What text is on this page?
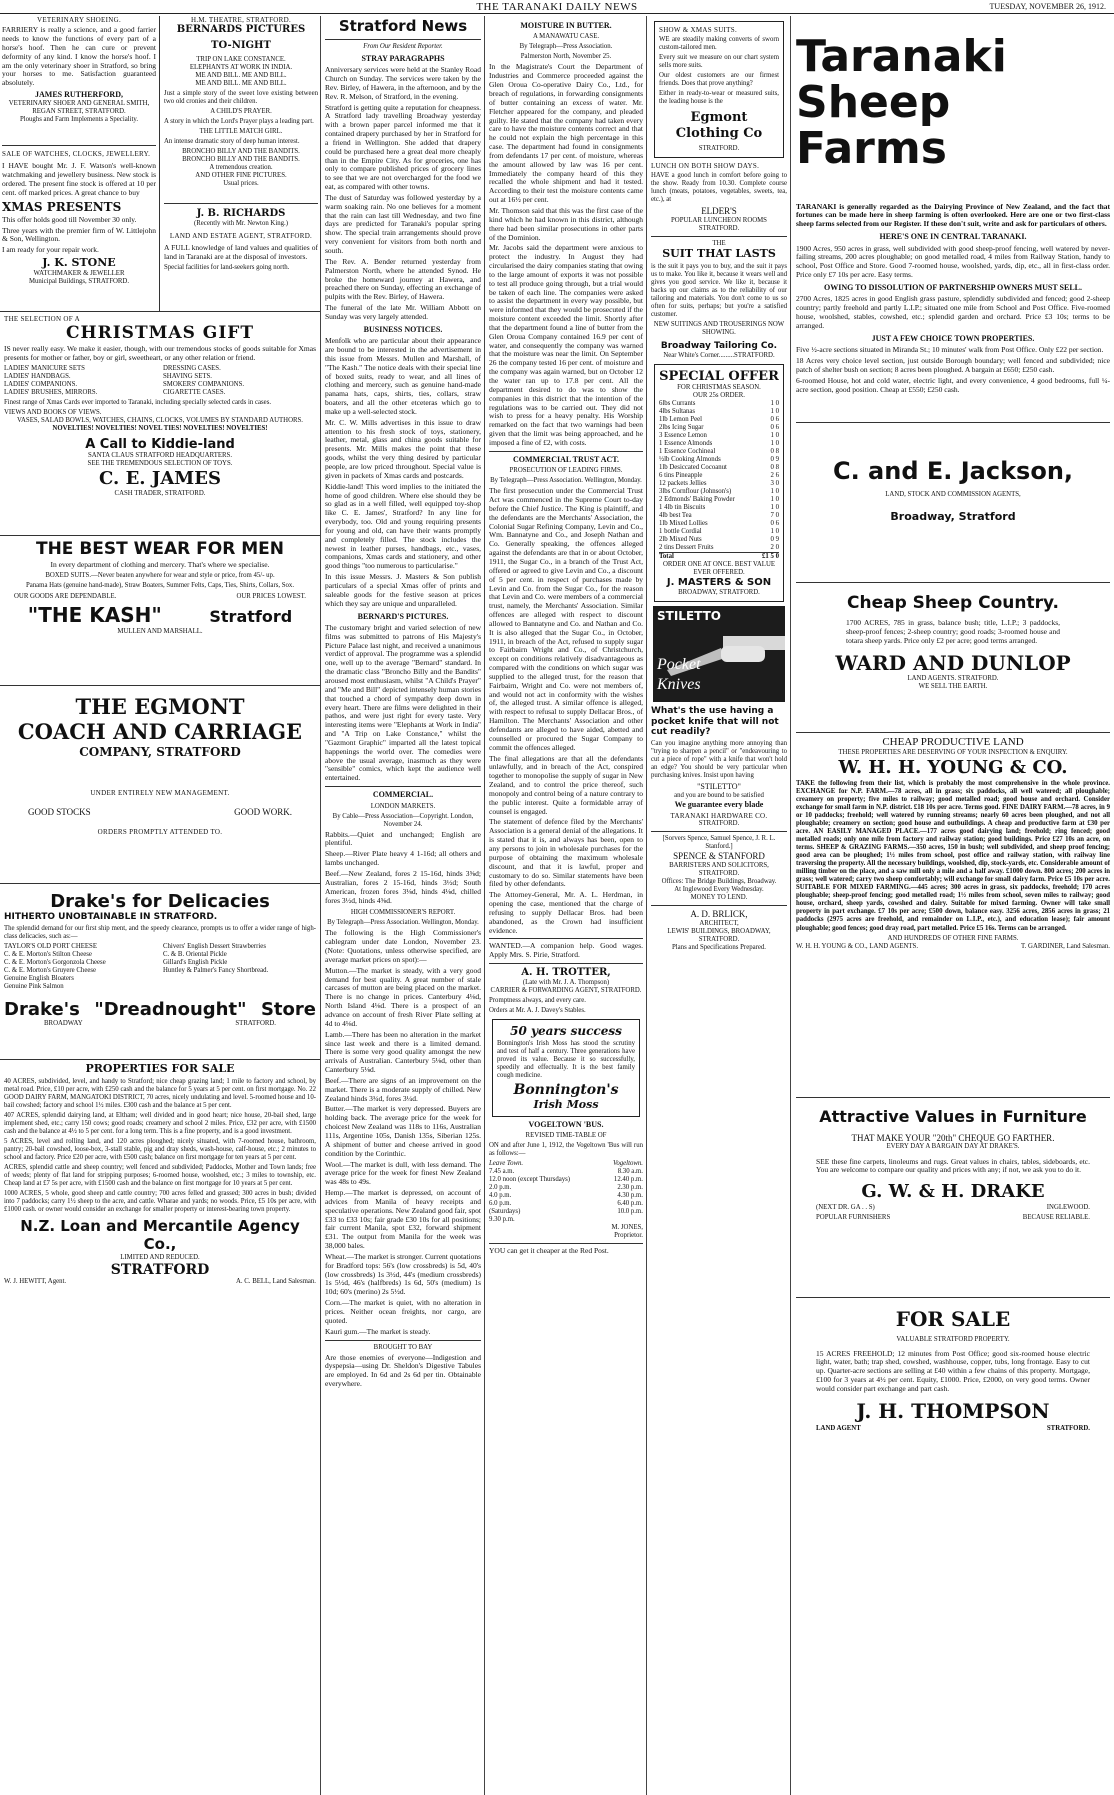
THE TARANAKI DAILY NEWS	TUESDAY, NOVEMBER 26, 1912.
VETERINARY SHOEING.
FARRIERY is really a science, and a good farrier needs to know the functions of every part of a horse's hoof. Then he can cure or prevent deformity of any kind. I know the horse's hoof. I am the only veterinary shoer in Stratford, so bring your horses to me. Satisfaction guaranteed absolutely.
JAMES RUTHERFORD,
VETERINARY SHOER AND GENERAL SMITH,
REGAN STREET, STRATFORD.
Ploughs and Farm Implements a Speciality.
SALE OF WATCHES, CLOCKS, JEWELLERY.
I HAVE bought Mr. J. F. Watson's well-known watchmaking and jewellery business. New stock is ordered. The present fine stock is offered at 10 per cent. off marked prices. A great chance to buy
XMAS PRESENTS
This offer holds good till November 30 only.
Three years with the premier firm of W. Littlejohn & Son, Wellington.
I am ready for your repair work.
J. K. STONE
WATCHMAKER & JEWELLER
Municipal Buildings, STRATFORD.
H.M. THEATRE, STRATFORD.
BERNARDS PICTURES
TO-NIGHT
TRIP ON LAKE CONSTANCE.
ELEPHANTS AT WORK IN INDIA.
ME AND BILL. ME AND BILL.
ME AND BILL. ME AND BILL.
Just a simple story of the sweet love existing between two old cronies and their children.
A CHILD'S PRAYER.
A story in which the Lord's Prayer plays a leading part.
THE LITTLE MATCH GIRL.
An intense dramatic story of deep human interest.
BRONCHO BILLY AND THE BANDITS.
BRONCHO BILLY AND THE BANDITS.
A tremendous creation.
AND OTHER FINE PICTURES.
Usual prices.
J. B. RICHARDS
(Recently with Mr. Newton King.)
LAND AND ESTATE AGENT, STRATFORD.
A FULL knowledge of land values and qualities of land in Taranaki are at the disposal of investors.
Special facilities for land-seekers going north.
THE SELECTION OF A
CHRISTMAS GIFT
IS never really easy. We make it easier, though, with our tremendous stocks of goods suitable for Xmas presents for mother or father, boy or girl, sweetheart, or any other relation or friend.
LADIES' MANICURE SETS
LADIES' HANDBAGS.
LADIES' COMPANIONS.
LADIES' BRUSHES, MIRRORS.
DRESSING CASES.
SHAVING SETS.
SMOKERS' COMPANIONS.
CIGARETTE CASES.
Finest range of Xmas Cards ever imported to Taranaki, including specially selected cards in cases.
VIEWS AND BOOKS OF VIEWS.
VASES, SALAD BOWLS, WATCHES, CHAINS, CLOCKS, VOLUMES BY STANDARD AUTHORS.
NOVELTIES! NOVELTIES! NOVEL TIES! NOVELTIES! NOVELTIES!
A Call to Kiddie-land
SANTA CLAUS STRATFORD HEADQUARTERS.
SEE THE TREMENDOUS SELECTION OF TOYS.
C. E. JAMES
CASH TRADER, STRATFORD.
THE BEST WEAR FOR MEN
In every department of clothing and mercery. That's where we specialise.
BOXED SUITS.—Never beaten anywhere for wear and style or price, from 45/- up.
Panama Hats (genuine hand-made), Straw Boaters, Summer Felts, Caps, Ties, Shirts, Collars, Sox.
OUR GOODS ARE DEPENDABLE.	OUR PRICES LOWEST.
"THE KASH"	Stratford
MULLEN AND MARSHALL.
THE EGMONT
COACH AND CARRIAGE
COMPANY, STRATFORD
UNDER ENTIRELY NEW MANAGEMENT.
GOOD STOCKS	GOOD WORK.
ORDERS PROMPTLY ATTENDED TO.
Drake's for Delicacies
HITHERTO UNOBTAINABLE IN STRATFORD.
The splendid demand for our first ship ment, and the speedy clearance, prompts us to offer a wider range of high-class delicacies, such as:—
TAYLOR'S OLD PORT CHEESE
C. & E. Morton's Stilton Cheese
C. & E. Morton's Gorgonzola Cheese
C. & E. Morton's Gruyere Cheese
Genuine English Bloaters
Genuine Pink Salmon
Chivers' English Dessert Strawberries
C. & B. Oriental Pickle
Gillard's English Pickle
Huntley & Palmer's Fancy Shortbread.
Drake's "Dreadnought" Store
BROADWAY	STRATFORD.
PROPERTIES FOR SALE
40 ACRES, subdivided, level, and handy to Stratford; nice cheap grazing land; 1 mile to factory and school, by metal road. Price, £10 per acre, with £250 cash and the balance for 5 years at 5 per cent. on first mortgage. No. 22 GOOD DAIRY FARM, MANGATOKI DISTRICT, 70 acres, nicely undulating and level. 5-roomed house and 10-bail cowshed; factory and school 1½ miles. £300 cash and the balance at 5 per cent.
407 ACRES, splendid dairying land, at Eltham; well divided and in good heart; nice house, 20-bail shed, large implement shed, etc.; carry 150 cows; good roads; creamery and school 2 miles. Price, £32 per acre, with £1500 cash and the balance at 4½ to 5 per cent. for a long term. This is a fine property, and is a good investment.
5 ACRES, level and rolling land, and 120 acres ploughed; nicely situated, with 7-roomed house, bathroom, pantry; 20-bail cowshed, loose-box, 3-stall stable, pig and dray sheds, wash-house, calf-house, etc.; 2 minutes to school and factory. Price £20 per acre, with £500 cash; balance on first mortgage for ten years at 5 per cent.
ACRES, splendid cattle and sheep country; well fenced and subdivided; Paddocks, Mother and Town lands; free of weeds; plenty of flat land for stripping purposes; 6-roomed house, woolshed, etc.; 3 miles to township, etc. Cheap land at £7 5s per acre, with £1500 cash and the balance on first mortgage for 10 years at 5 per cent.
1000 ACRES, 5 whole, good sheep and cattle country; 700 acres felled and grassed; 300 acres in bush; divided into 7 paddocks; carry 1½ sheep to the acre, and cattle. Wharae and yards; no woods. Price, £5 10s per acre, with £1000 cash. or owner would consider an exchange for smaller property or interest-bearing town property.
N.Z. Loan and Mercantile Agency Co.,
LIMITED AND REDUCED.
STRATFORD
W. J. HEWITT, Agent.	A. C. BELL, Land Salesman.
Stratford News
From Our Resident Reporter.
STRAY PARAGRAPHS
Anniversary services were held at the Stanley Road Church on Sunday. The services were taken by the Rev. Birley, of Hawera, in the afternoon, and by the Rev. R. Melson, of Stratford, in the evening.
Stratford is getting quite a reputation for cheapness. A Stratford lady travelling Broadway yesterday with a brown paper parcel informed me that it contained drapery purchased by her in Stratford for a friend in Wellington. She added that drapery could be purchased here a great deal more cheaply than in the Empire City. As for groceries, one has only to compare published prices of grocery lines to see that we are not overcharged for the food we eat, as compared with other towns.
The dust of Saturday was followed yesterday by a warm soaking rain. No one believes for a moment that the rain can last till Wednesday, and two fine days are predicted for Taranaki's popular spring show. The special train arrangements should prove very convenient for visitors from both north and south.
The Rev. A. Bender returned yesterday from Palmerston North, where he attended Synod. He broke the homeward journey at Hawera, and preached there on Sunday, effecting an exchange of pulpits with the Rev. Birley, of Hawera.
The funeral of the late Mr. William Abbott on Sunday was very largely attended.
BUSINESS NOTICES.
Menfolk who are particular about their appearance are bound to be interested in the advertisement in this issue from Messrs. Mullen and Marshall, of "The Kash." The notice deals with their special line of boxed suits, ready to wear, and all lines of clothing and mercery, such as genuine hand-made panama hats, caps, shirts, ties, collars, straw boaters, and all the other etceteras which go to make up a well-selected stock.
Mr. C. W. Mills advertises in this issue to draw attention to his fresh stock of toys, stationery, leather, metal, glass and china goods suitable for presents. Mr. Mills makes the point that these goods, whilst the very thing desired by particular people, are low priced throughout. Special value is given in packets of Xmas cards and postcards.
Kiddie-land! This word implies to the initiated the home of good children. Where else should they be so glad as in a well filled, well equipped toy-shop like C. E. James', Stratford? In any line for everybody, too. Old and young requiring presents for young and old, can have their wants promptly and completely filled. The stock includes the newest in leather purses, handbags, etc., vases, companions, Xmas cards and stationery, and other good things "too numerous to particularise."
In this issue Messrs. J. Masters & Son publish particulars of a special Xmas offer of prints and saleable goods for the festive season at prices which they say are unique and unparalleled.
BERNARD'S PICTURES.
The customary bright and varied selection of new films was submitted to patrons of His Majesty's Picture Palace last night, and received a unanimous verdict of approval. The programme was a splendid one, well up to the average "Bernard" standard. In the dramatic class "Broncho Billy and the Bandits" aroused most enthusiasm, whilst "A Child's Prayer" and "Me and Bill" depicted intensely human stories that touched a chord of sympathy deep down in every heart. There are films were delighted in their pathos, and were just right for every taste. Very interesting items were "Elephants at Work in India" and "A Trip on Lake Constance," whilst the "Gazmont Graphic" imparted all the latest topical happenings the world over. The comedies were above the usual average, inasmuch as they were "sensible" comics, which kept the audience well entertained.
COMMERCIAL.
LONDON MARKETS.
By Cable—Press Association—Copyright. London, November 24.
Rabbits.—Quiet and unchanged; English are plentiful.
Sheep.—River Plate heavy 4 1-16d; all others and lambs unchanged.
Beef.—New Zealand, fores 2 15-16d, hinds 3⅝d; Australian, fores 2 15-16d, hinds 3½d; South American, frozen fores 3⅛d, hinds 4⅛d, chilled fores 3½d, hinds 4⅝d.
HIGH COMMISSIONER'S REPORT.
By Telegraph—Press Association. Wellington, Monday.
The following is the High Commissioner's cablegram under date London, November 23. (Note: Quotations, unless otherwise specified, are average market prices on spot):—
Mutton.—The market is steady, with a very good demand for best quality. A great number of stale carcases of mutton are being placed on the market. There is no change in prices. Canterbury 4⅛d, North Island 4⅛d. There is a prospect of an advance on account of fresh River Plate selling at 4d to 4⅛d.
Lamb.—There has been no alteration in the market since last week and there is a limited demand. There is some very good quality amongst the new arrivals of Australian. Canterbury 5⅛d, other than Canterbury 5⅛d.
Beef.—There are signs of an improvement on the market. There is a moderate supply of chilled. New Zealand hinds 3¾d, fores 3¼d.
Butter.—The market is very depressed. Buyers are holding back. The average price for the week for choicest New Zealand was 118s to 116s, Australian 111s, Argentine 105s, Danish 135s, Siberian 125s. A shipment of butter and cheese arrived in good condition by the Corinthic.
Wool.—The market is dull, with less demand. The average price for the week for finest New Zealand was 48s to 49s.
Hemp.—The market is depressed, on account of advices from Manila of heavy receipts and speculative operations. New Zealand good fair, spot £33 to £33 10s; fair grade £30 10s for all positions; fair current Manila, spot £32, forward shipment £31. The output from Manila for the week was 38,000 bales.
Wheat.—The market is stronger. Current quotations for Bradford tops: 56's (low crossbreds) is 5d, 40's (low crossbreds) 1s 3½d, 44's (medium crossbreds) 1s 5½d, 46's (halfbreds) 1s 6d, 50's (medium) 1s 10d; 60's (merino) 2s 5½d.
Corn.—The market is quiet, with no alteration in prices. Neither ocean freights, nor cargo, are quoted.
Kauri gum.—The market is steady.
BROUGHT TO BAY
Are those enemies of everyone—Indigestion and dyspepsia—using Dr. Sheldon's Digestive Tabules are employed. In 6d and 2s 6d per tin. Obtainable everywhere.
MOISTURE IN BUTTER.
A MANAWATU CASE.
By Telegraph—Press Association.
Palmerston North, November 25.
In the Magistrate's Court the Department of Industries and Commerce proceeded against the Glen Oroua Co-operative Dairy Co., Ltd., for breach of regulations, in forwarding consignments of butter containing an excess of water. Mr. Fletcher appeared for the company, and pleaded guilty. He stated that the company had taken every care to have the moisture contents correct and that he could not explain the high percentage in this case. The department had found in consignments from defendants 17 per cent. of moisture, whereas the amount allowed by law was 16 per cent. Immediately the company heard of this they recalled the whole shipment and had it tested. According to their test the moisture contents came out at 16½ per cent.
Mr. Thomson said that this was the first case of the kind which he had known in this district, although there had been similar prosecutions in other parts of the Dominion.
Mr. Jacobs said the department were anxious to protect the industry. In August they had circularised the dairy companies stating that owing to the large amount of exports it was not possible to test all produce going through, but a trial would be taken of each line. The companies were asked to assist the department in every way possible, but were informed that they would be prosecuted if the moisture content exceeded the limit. Shortly after that the department found a line of butter from the Glen Oroua Company contained 16.9 per cent of water, and consequently the company was warned that the moisture was near the limit. On September 26 the company tested 16 per cent. of moisture and the company was again warned, but on October 12 the water ran up to 17.8 per cent. All the department desired to do was to show the companies in this district that the intention of the regulations was to be carried out. They did not wish to press for a heavy penalty. His Worship remarked on the fact that two warnings had been given that the limit was being approached, and he imposed a fine of £2, with costs.
COMMERCIAL TRUST ACT.
PROSECUTION OF LEADING FIRMS.
By Telegraph—Press Association. Wellington, Monday.
The first prosecution under the Commercial Trust Act was commenced in the Supreme Court to-day before the Chief Justice. The King is plaintiff, and the defendants are the Merchants' Association, the Colonial Sugar Refining Company, Levin and Co., Wm. Bannatyne and Co., and Joseph Nathan and Co. Generally speaking, the offences alleged against the defendants are that in or about October, 1911, the Sugar Co., in a branch of the Trust Act, offered or agreed to give Levin and Co., a discount of 5 per cent. in respect of purchases made by Levin and Co. from the Sugar Co., for the reason that Levin and Co. were members of a commercial trust, namely, the Merchants' Association. Similar offences are alleged with respect to discount allowed to Bannatyne and Co. and Nathan and Co. It is also alleged that the Sugar Co., in October, 1911, in breach of the Act, refused to supply sugar to Fairbairn Wright and Co., of Christchurch, except on conditions relatively disadvantageous as compared with the conditions on which sugar was supplied to the alleged trust, for the reason that Fairbairn, Wright and Co. were not members of, and would not act in conformity with the wishes of, the alleged trust. A similar offence is alleged, with respect to refusal to supply Dellacar Bros., of Hamilton. The Merchants' Association and other defendants are alleged to have aided, abetted and counselled or procured the Sugar Company to commit the offences alleged.
The final allegations are that all the defendants unlawfully, and in breach of the Act, conspired together to monopolise the supply of sugar in New Zealand, and to control the price thereof, such monopoly and control being of a nature contrary to the public interest. Quite a formidable array of counsel is engaged.
The statement of defence filed by the Merchants' Association is a general denial of the allegations. It is stated that it is, and always has been, open to any persons to join in wholesale purchases for the purpose of obtaining the maximum wholesale discount, and that it is lawful, proper and customary to do so. Similar statements have been filed by other defendants.
The Attorney-General, Mr. A. L. Herdman, in opening the case, mentioned that the charge of refusing to supply Dellacar Bros. had been abandoned, as the Crown had insufficient evidence.
WANTED.—A companion help. Good wages. Apply Mrs. S. Pirie, Stratford.
A. H. TROTTER,
(Late with Mr. J. A. Thompson)
CARRIER & FORWARDING AGENT, STRATFORD.
Promptness always, and every care.
Orders at Mr. A. J. Davey's Stables.
50 years success
Bonnington's Irish Moss has stood the scrutiny and test of half a century. Three generations have proved its value. Because it so successfully, speedily and effectually. It is the best family cough medicine.
Bonnington's
Irish Moss
VOGELTOWN 'BUS.
REVISED TIME-TABLE OF
ON and after June 1, 1912, the Vogeltown 'Bus will run as follows:—
Leave Town.	Vogeltown.
7.45 a.m.	8.30 a.m.
12.0 noon (except Thursdays)	12.40 p.m.
2.0 p.m.	2.30 p.m.
4.0 p.m.	4.30 p.m.
6.0 p.m.	6.40 p.m.
(Saturdays)	10.0 p.m.
9.30 p.m.
M. JONES,
Proprietor.
YOU can get it cheaper at the Red Post.
SHOW & XMAS SUITS.
WE are steadily making converts of sworn custom-tailored men.
Every suit we measure on our chart system sells more suits.
Our oldest customers are our firmest friends. Does that prove anything?
Either in ready-to-wear or measured suits, the leading house is the
Egmont Clothing Co
STRATFORD.
LUNCH ON BOTH SHOW DAYS.
HAVE a good lunch in comfort before going to the show. Ready from 10.30. Complete course lunch (meats, potatoes, vegetables, sweets, tea, etc.), at
ELDER'S
POPULAR LUNCHEON ROOMS
STRATFORD.
THE
SUIT THAT LASTS
is the suit it pays you to buy, and the suit it pays us to make. You like it, because it wears well and gives you good service. We like it, because it backs up our claims as to the reliability of our tailoring and materials. You don't come to us so often for suits, perhaps; but you're a satisfied customer.
NEW SUITINGS AND TROUSERINGS NOW SHOWING.
Broadway Tailoring Co.
Near White's Corner.........STRATFORD.
SPECIAL OFFER
FOR CHRISTMAS SEASON.
OUR 25s ORDER.
6lbs Currants	1 0
4lbs Sultanas	1 0
1lb Lemon Peel	0 6
2lbs Icing Sugar	0 6
3 Essence Lemon	1 0
1 Essence Almonds	1 0
1 Essence Cochineal	0 8
½lb Cooking Almonds	0 9
1lb Desiccated Cocoanut	0 8
6 tins Pineapple	2 6
12 packets Jellies	3 0
3lbs Cornflour (Johnson's)	1 0
2 Edmonds' Baking Powder	1 0
1 4lb tin Biscuits	1 0
4lb best Tea	7 0
1lb Mixed Lollies	0 6
1 bottle Cordial	1 0
2lb Mixed Nuts	0 9
2 tins Dessert Fruits	2 0
Total	£1 5 0
ORDER ONE AT ONCE. BEST VALUE EVER OFFERED.
J. MASTERS & SON
BROADWAY, STRATFORD.
STILETTO
Pocket
Knives
What's the use having a pocket knife that will not cut readily?
Can you imagine anything more annoying than "trying to sharpen a pencil" or "endeavouring to cut a piece of rope" with a knife that won't hold an edge? You should be very particular when purchasing knives. Insist upon having
"STILETTO"
and you are bound to be satisfied
We guarantee every blade
TARANAKI HARDWARE CO.
STRATFORD.
[Sorvers Spence, Samuel Spence, J. R. L. Stanford.]
SPENCE & STANFORD
BARRISTERS AND SOLICITORS, STRATFORD.
Offices: The Bridge Buildings, Broadway.
At Inglewood Every Wednesday.
MONEY TO LEND.
A. D. BRLICK,
ARCHITECT,
LEWIS' BUILDINGS, BROADWAY, STRATFORD.
Plans and Specifications Prepared.
Taranaki
Sheep Farms
TARANAKI is generally regarded as the Dairying Province of New Zealand, and the fact that fortunes can be made here in sheep farming is often overlooked. Here are one or two first-class sheep farms selected from our Register. If these don't suit, write and ask for particulars of others.
HERE'S ONE IN CENTRAL TARANAKI.
1900 Acres, 950 acres in grass, well subdivided with good sheep-proof fencing, well watered by never-failing streams, 200 acres ploughable; on good metalled road, 4 miles from Railway Station, handy to school, Post Office and Store. Good 7-roomed house, woolshed, yards, dip, etc., all in first-class order. Price only £7 10s per acre. Easy terms.
OWING TO DISSOLUTION OF PARTNERSHIP OWNERS MUST SELL.
2700 Acres, 1825 acres in good English grass pasture, splendidly subdivided and fenced; good 2-sheep country; partly freehold and partly L.I.P.; situated one mile from School and Post Office. Five-roomed house, woolshed, stables, cowshed, etc.; splendid garden and orchard. Price £3 10s; terms to be arranged.
JUST A FEW CHOICE TOWN PROPERTIES.
Five ½-acre sections situated in Miranda St.; 10 minutes' walk from Post Office. Only £22 per section.
18 Acres very choice level section, just outside Borough boundary; well fenced and subdivided; nice patch of shelter bush on section; 8 acres been ploughed. A bargain at £650; £250 cash.
6-roomed House, hot and cold water, electric light, and every convenience, 4 good bedrooms, full ¼-acre section, good position. Cheap at £550; £250 cash.
C. and E. Jackson,
LAND, STOCK AND COMMISSION AGENTS,
Broadway, Stratford
Cheap Sheep Country.
1700 ACRES, 785 in grass, balance bush; title, L.I.P.; 3 paddocks, sheep-proof fences; 2-sheep country; good roads; 3-roomed house and totara sheep yards. Price only £2 per acre; good terms arranged.
WARD AND DUNLOP
LAND AGENTS. STRATFORD.
WE SELL THE EARTH.
CHEAP PRODUCTIVE LAND
THESE PROPERTIES ARE DESERVING OF YOUR INSPECTION & ENQUIRY.
W. H. H. YOUNG & CO.
TAKE the following from their list, which is probably the most comprehensive in the whole province. EXCHANGE for N.P. FARM.—78 acres, all in grass; six paddocks, all well watered; all ploughable; creamery on property; five miles to railway; good metalled road; good house and orchard. Consider exchange for small farm in N.P. district. £18 10s per acre. Terms good. FINE DAIRY FARM.—78 acres, in 9 or 10 paddocks; freehold; well watered by running streams; nearly 60 acres been ploughed, and not all ploughable; creamery on section; good house and outbuildings. A cheap and productive farm at £30 per acre. AN EASILY MANAGED PLACE.—177 acres good dairying land; freehold; ring fenced; good metalled roads; only one mile from factory and railway station; good buildings. Price £27 10s an acre, on terms. SHEEP & GRAZING FARMS.—350 acres, 150 in bush; well subdivided, and sheep proof fencing; good area can be ploughed; 1½ miles from school, post office and railway station, with railway line traversing the property. All the necessary buildings, woolshed, dip, stock-yards, etc. Considerable amount of milling timber on the place, and a saw mill only a mile and a half away. £1000 down. 800 acres; 200 acres in grass; well watered; carry two sheep comfortably; will exchange for small dairy farm. Price £5 10s per acre. SUITABLE FOR MIXED FARMING.—445 acres; 300 acres in grass, six paddocks, freehold; 170 acres ploughable; sheep-proof fencing; good metalled road; 1½ miles from school, seven miles to railway; good house, orchard, sheep yards, cowshed and dairy. Suitable for mixed farming. Owner will take small property in part exchange. £7 10s per acre; £500 down, balance easy. 3256 acres, 2856 acres in grass; 21 paddocks (2975 acres are freehold, and remainder on L.I.P., etc.), and education lease); fair amount ploughable; good fences; good dray road, part metalled. Price £5 16s. Terms can be arranged.
AND HUNDREDS OF OTHER FINE FARMS.
W. H. H. YOUNG & CO., LAND AGENTS.	T. GARDINER, Land Salesman.
Attractive Values in Furniture
THAT MAKE YOUR "20th" CHEQUE GO FARTHER.
EVERY DAY A BARGAIN DAY AT DRAKE'S.
SEE these fine carpets, linoleums and rugs. Great values in chairs, tables, sideboards, etc. You are welcome to compare our quality and prices with any; if not, we ask you to do it.
G. W. & H. DRAKE
(NEXT DR. GA . . S)	INGLEWOOD.
POPULAR FURNISHERS	BECAUSE RELIABLE.
FOR SALE
VALUABLE STRATFORD PROPERTY.
15 ACRES FREEHOLD; 12 minutes from Post Office; good six-roomed house electric light, water, bath; trap shed, cowshed, washhouse, copper, tubs, long frontage. Easy to cut up. Quarter-acre sections are selling at £40 within a few chains of this property. Mortgage, £100 for 3 years at 4½ per cent. Equity, £1000. Price, £2000, on very good terms. Owner would consider part exchange and part cash.
J. H. THOMPSON
LAND AGENT	STRATFORD.
